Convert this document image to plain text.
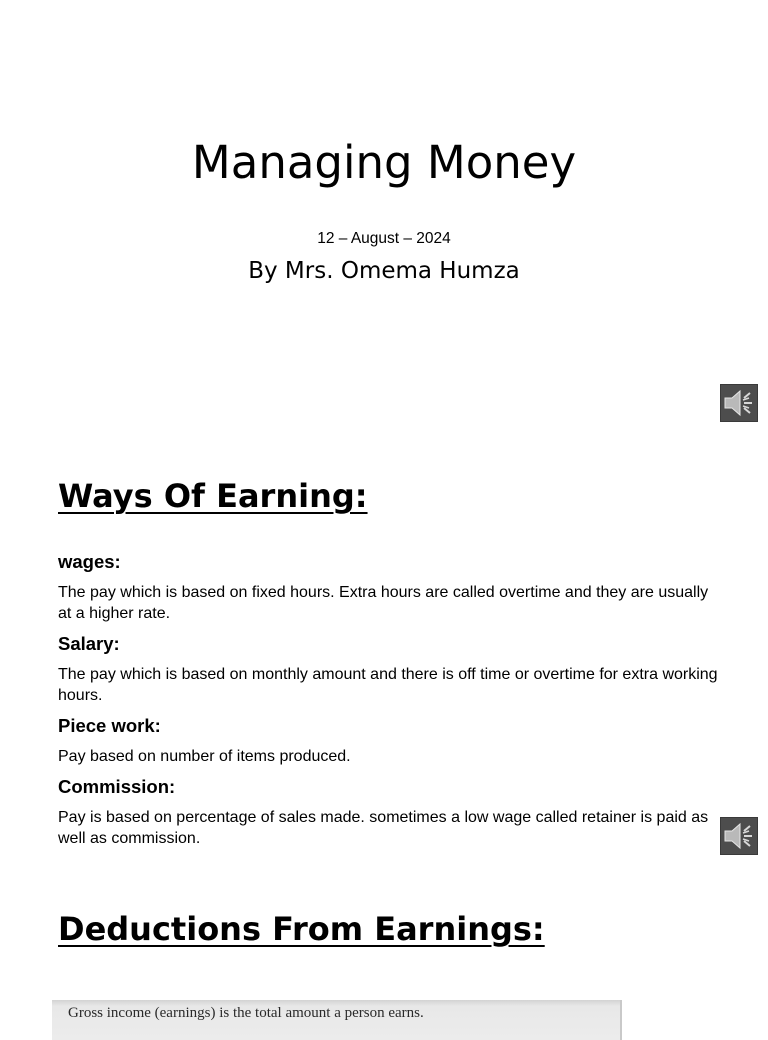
Managing Money
12 – August – 2024
By Mrs. Omema Humza
Ways Of Earning:
wages:

The pay which is based on fixed hours. Extra hours are called overtime and they are usually at a higher rate.

Salary:

The pay which is based on monthly amount and there is off time or overtime for extra working hours.

Piece work:

Pay based on number of items produced.

Commission:

Pay is based on percentage of sales made. sometimes a low wage called retainer is paid as well as commission.

Deductions From Earnings:
Gross income (earnings) is the total amount a person earns.
